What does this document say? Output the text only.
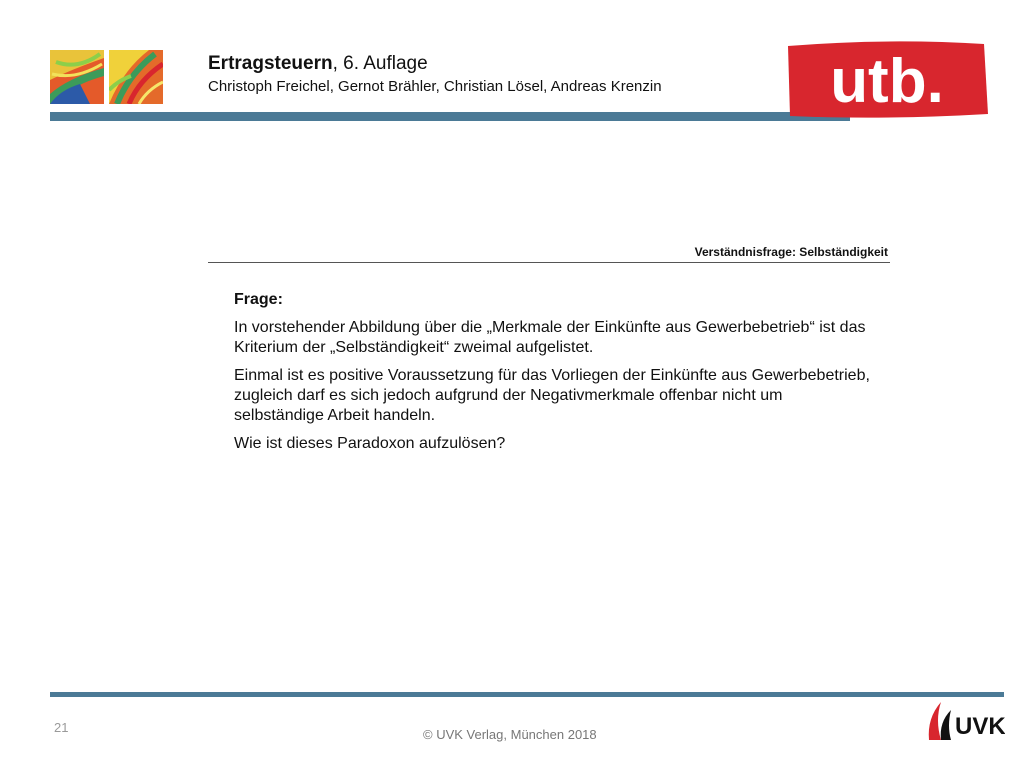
Ertragsteuern, 6. Auflage
Christoph Freichel, Gernot Brähler, Christian Lösel, Andreas Krenzin	utb.
Verständnisfrage: Selbständigkeit

Frage:

In vorstehender Abbildung über die „Merkmale der Einkünfte aus Gewerbebetrieb“ ist das Kriterium der „Selbständigkeit“ zweimal aufgelistet.

Einmal ist es positive Voraussetzung für das Vorliegen der Einkünfte aus Gewerbebetrieb, zugleich darf es sich jedoch aufgrund der Negativmerkmale offenbar nicht um selbständige Arbeit handeln.

Wie ist dieses Paradoxon aufzulösen?

21	© UVK Verlag, München 2018	UVK
